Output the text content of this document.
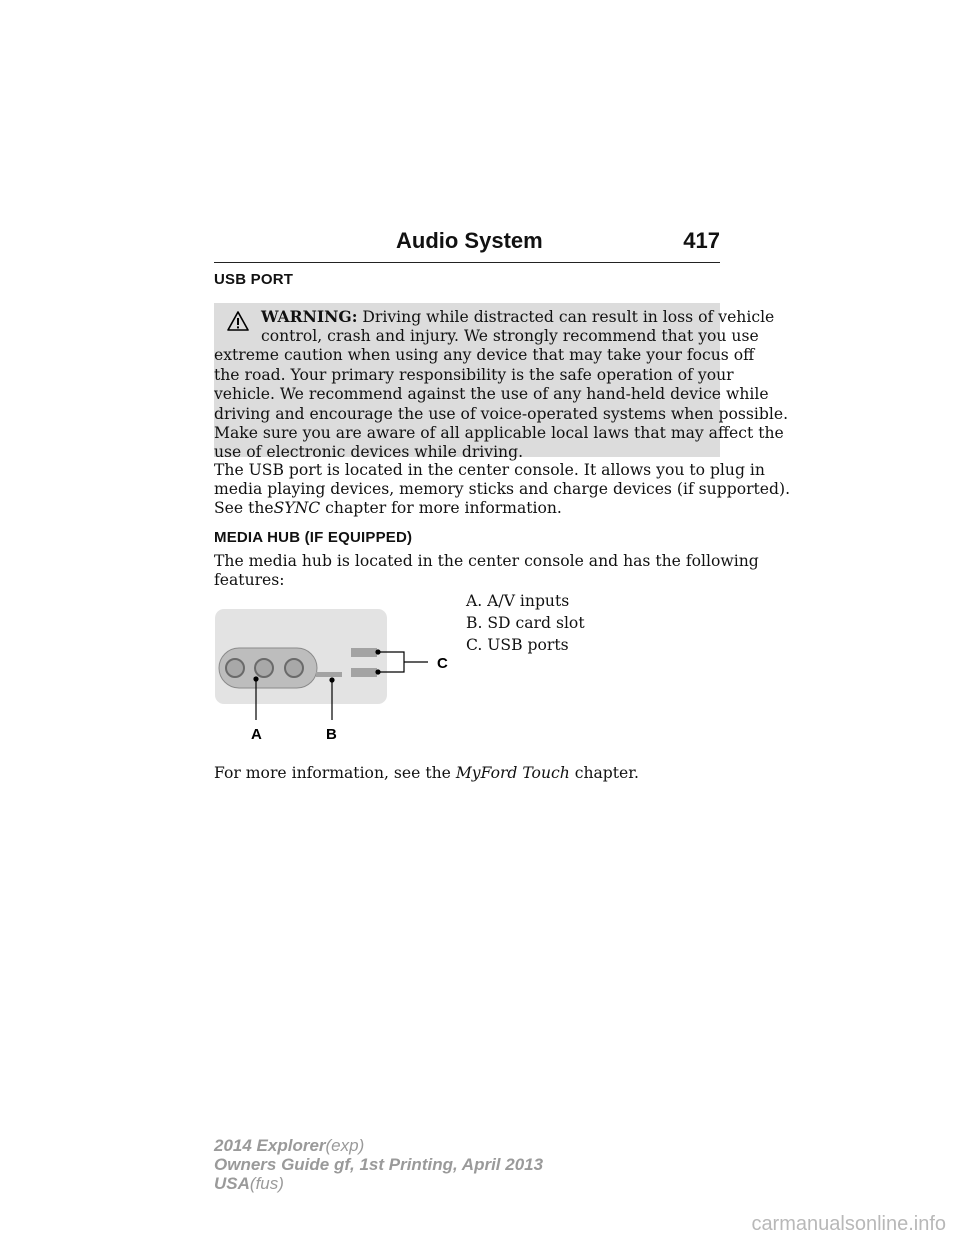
Audio System	417
USB PORT
WARNING: Driving while distracted can result in loss of vehicle
control, crash and injury. We strongly recommend that you use
extreme caution when using any device that may take your focus off
the road. Your primary responsibility is the safe operation of your
vehicle. We recommend against the use of any hand-held device while
driving and encourage the use of voice-operated systems when possible.
Make sure you are aware of all applicable local laws that may affect the
use of electronic devices while driving.
The USB port is located in the center console. It allows you to plug in
media playing devices, memory sticks and charge devices (if supported).
See theSYNC chapter for more information.
MEDIA HUB (IF EQUIPPED)
The media hub is located in the center console and has the following
features:
A. A/V inputs
B. SD card slot
C. USB ports
A	B
C
For more information, see the MyFord Touch chapter.
2014 Explorer(exp)
Owners Guide gf, 1st Printing, April 2013
USA(fus)
carmanualsonline.info
